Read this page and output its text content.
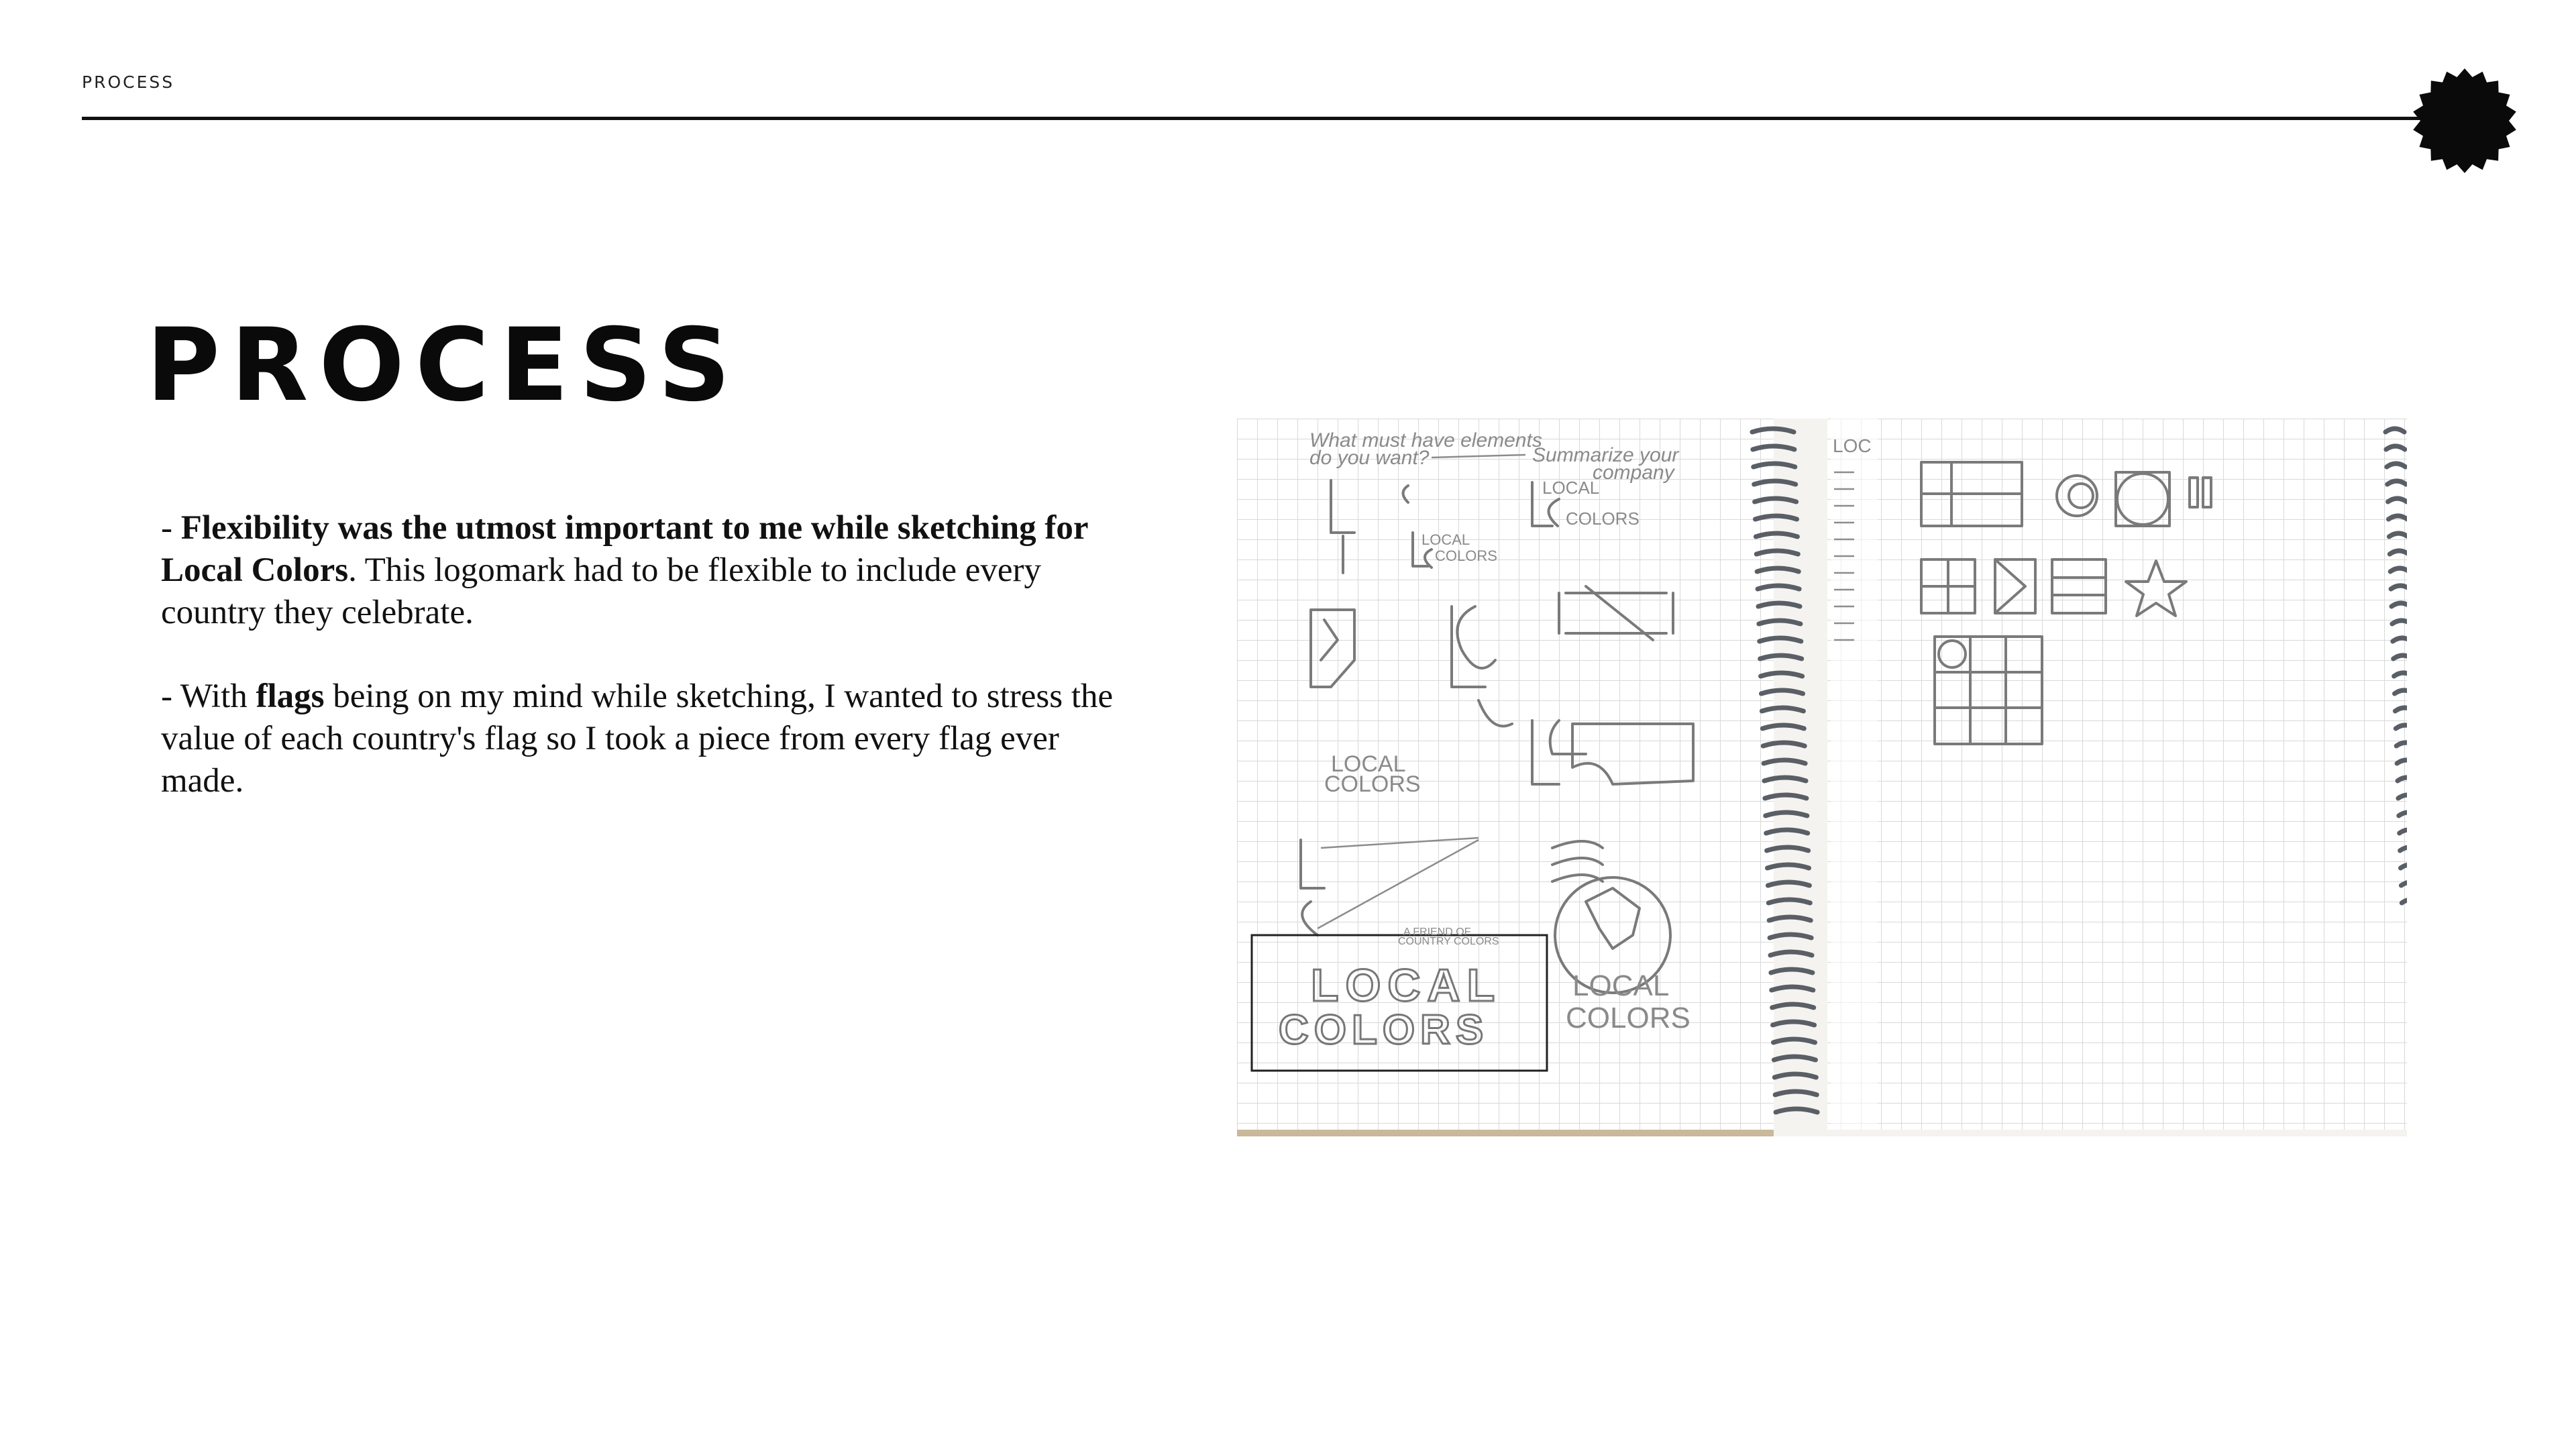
PROCESS
PROCESS

- Flexibility was the utmost important to me while sketching for Local Colors. This logomark had to be flexible to include every country they celebrate.

- With flags being on my mind while sketching, I wanted to stress the value of each country's flag so I took a piece from every flag ever made.

What must have elements
do you want?	Summarize your
company
LOCAL
COLORS
LOCAL
COLORS
LOCAL
COLORS
A FRIEND OF
COUNTRY COLORS
LOCAL
COLORS
LOCAL
COLORS
LOC
